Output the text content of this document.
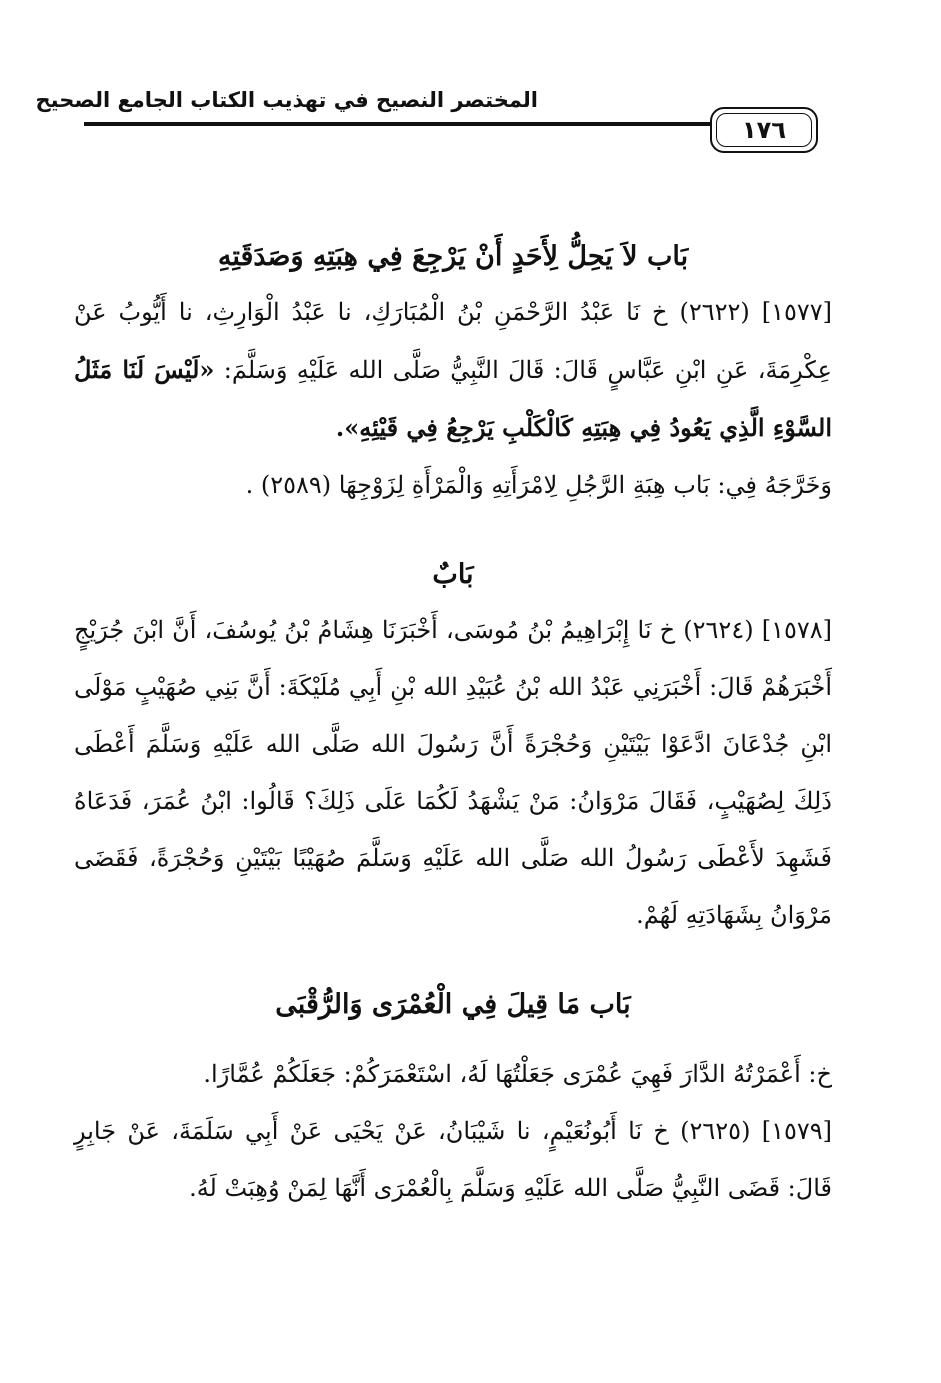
المختصر النصيح في تهذيب الكتاب الجامع الصحيح
١٧٦
بَاب لاَ يَحِلُّ لِأَحَدٍ أَنْ يَرْجِعَ فِي هِبَتِهِ وَصَدَقَتِهِ

[١٥٧٧] (٢٦٢٢) خ نَا عَبْدُ الرَّحْمَنِ بْنُ الْمُبَارَكِ، نا عَبْدُ الْوَارِثِ، نا أَيُّوبُ عَنْ عِكْرِمَةَ، عَنِ ابْنِ عَبَّاسٍ قَالَ: قَالَ النَّبِيُّ صَلَّى الله عَلَيْهِ وَسَلَّمَ: «لَيْسَ لَنَا مَثَلُ السَّوْءِ الَّذِي يَعُودُ فِي هِبَتِهِ كَالْكَلْبِ يَرْجِعُ فِي قَيْئِهِ».

وَخَرَّجَهُ فِي: بَاب هِبَةِ الرَّجُلِ لِامْرَأَتِهِ وَالْمَرْأَةِ لِزَوْجِهَا (٢٥٨٩) .

بَابٌ

[١٥٧٨] (٢٦٢٤) خ نَا إِبْرَاهِيمُ بْنُ مُوسَى، أَخْبَرَنَا هِشَامُ بْنُ يُوسُفَ، أَنَّ ابْنَ جُرَيْجٍ أَخْبَرَهُمْ قَالَ: أَخْبَرَنِي عَبْدُ الله بْنُ عُبَيْدِ الله بْنِ أَبِي مُلَيْكَةَ: أَنَّ بَنِي صُهَيْبٍ مَوْلَى ابْنِ جُدْعَانَ ادَّعَوْا بَيْتَيْنِ وَحُجْرَةً أَنَّ رَسُولَ الله صَلَّى الله عَلَيْهِ وَسَلَّمَ أَعْطَى ذَلِكَ لِصُهَيْبٍ، فَقَالَ مَرْوَانُ: مَنْ يَشْهَدُ لَكُمَا عَلَى ذَلِكَ؟ قَالُوا: ابْنُ عُمَرَ، فَدَعَاهُ فَشَهِدَ لأَعْطَى رَسُولُ الله صَلَّى الله عَلَيْهِ وَسَلَّمَ صُهَيْبًا بَيْتَيْنِ وَحُجْرَةً، فَقَضَى مَرْوَانُ بِشَهَادَتِهِ لَهُمْ.

بَاب مَا قِيلَ فِي الْعُمْرَى وَالرُّقْبَى

خ: أَعْمَرْتُهُ الدَّارَ فَهِيَ عُمْرَى جَعَلْتُهَا لَهُ، اسْتَعْمَرَكُمْ: جَعَلَكُمْ عُمَّارًا.

[١٥٧٩] (٢٦٢٥) خ نَا أَبُونُعَيْمٍ، نا شَيْبَانُ، عَنْ يَحْيَى عَنْ أَبِي سَلَمَةَ، عَنْ جَابِرٍ قَالَ: قَضَى النَّبِيُّ صَلَّى الله عَلَيْهِ وَسَلَّمَ بِالْعُمْرَى أَنَّهَا لِمَنْ وُهِبَتْ لَهُ.
